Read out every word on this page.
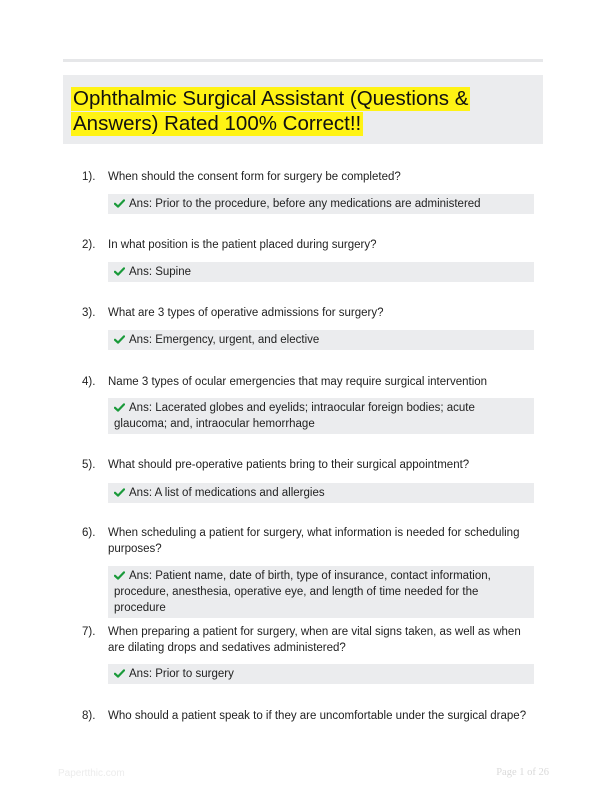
Ophthalmic Surgical Assistant (Questions & Answers) Rated 100% Correct!!
1). When should the consent form for surgery be completed?
Ans: Prior to the procedure, before any medications are administered
2). In what position is the patient placed during surgery?
Ans: Supine
3). What are 3 types of operative admissions for surgery?
Ans: Emergency, urgent, and elective
4). Name 3 types of ocular emergencies that may require surgical intervention
Ans: Lacerated globes and eyelids; intraocular foreign bodies; acute glaucoma; and, intraocular hemorrhage
5). What should pre-operative patients bring to their surgical appointment?
Ans: A list of medications and allergies
6). When scheduling a patient for surgery, what information is needed for scheduling purposes?
Ans: Patient name, date of birth, type of insurance, contact information, procedure, anesthesia, operative eye, and length of time needed for the procedure
7). When preparing a patient for surgery, when are vital signs taken, as well as when are dilating drops and sedatives administered?
Ans: Prior to surgery
8). Who should a patient speak to if they are uncomfortable under the surgical drape?
Papertthic.com	Page 1 of 26
